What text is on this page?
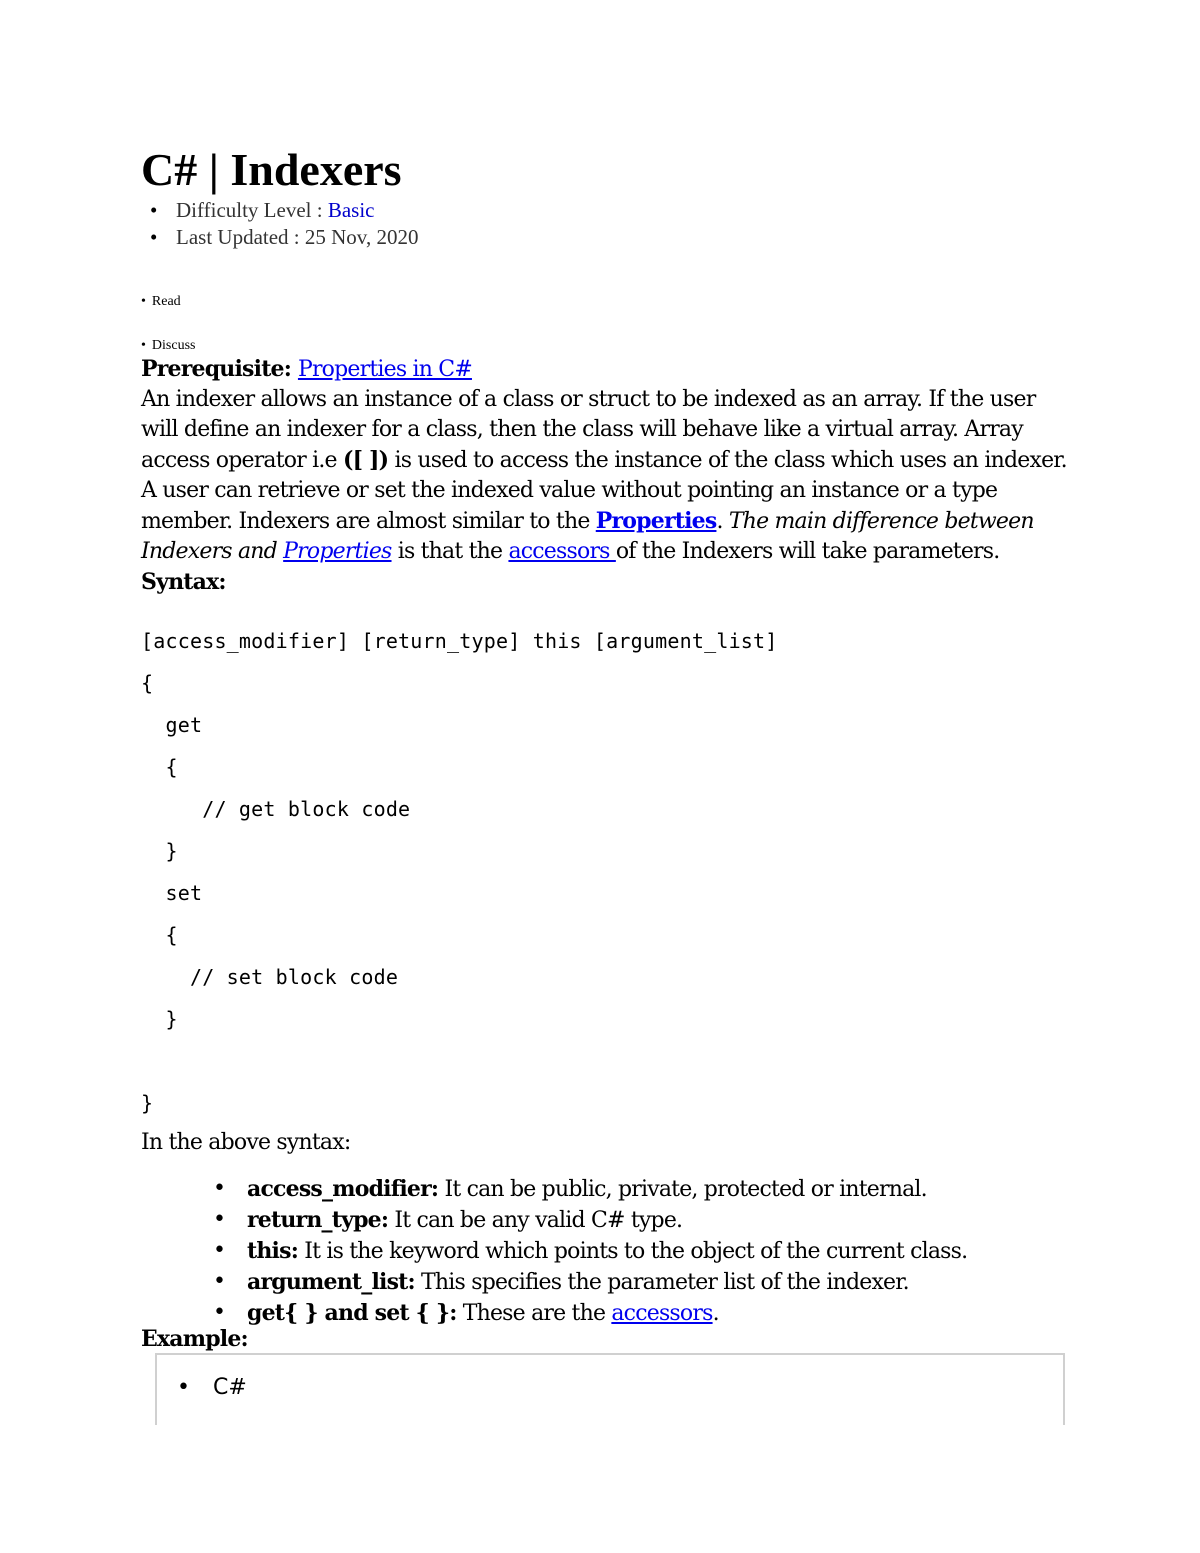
C# | Indexers
• Difficulty Level : Basic
• Last Updated : 25 Nov, 2020
• Read
• Discuss

Prerequisite: Properties in C#

An indexer allows an instance of a class or struct to be indexed as an array. If the user will define an indexer for a class, then the class will behave like a virtual array. Array access operator i.e ([ ]) is used to access the instance of the class which uses an indexer. A user can retrieve or set the indexed value without pointing an instance or a type member. Indexers are almost similar to the Properties. The main difference between Indexers and Properties is that the accessors of the Indexers will take parameters.

Syntax:

[access_modifier] [return_type] this [argument_list]
{
get
{
// get block code
}
set
{
// set block code
}

}
In the above syntax:
• access_modifier: It can be public, private, protected or internal.
• return_type: It can be any valid C# type.
• this: It is the keyword which points to the object of the current class.
• argument_list: This specifies the parameter list of the indexer.
• get{ } and set { }: These are the accessors.
Example:
• C#
